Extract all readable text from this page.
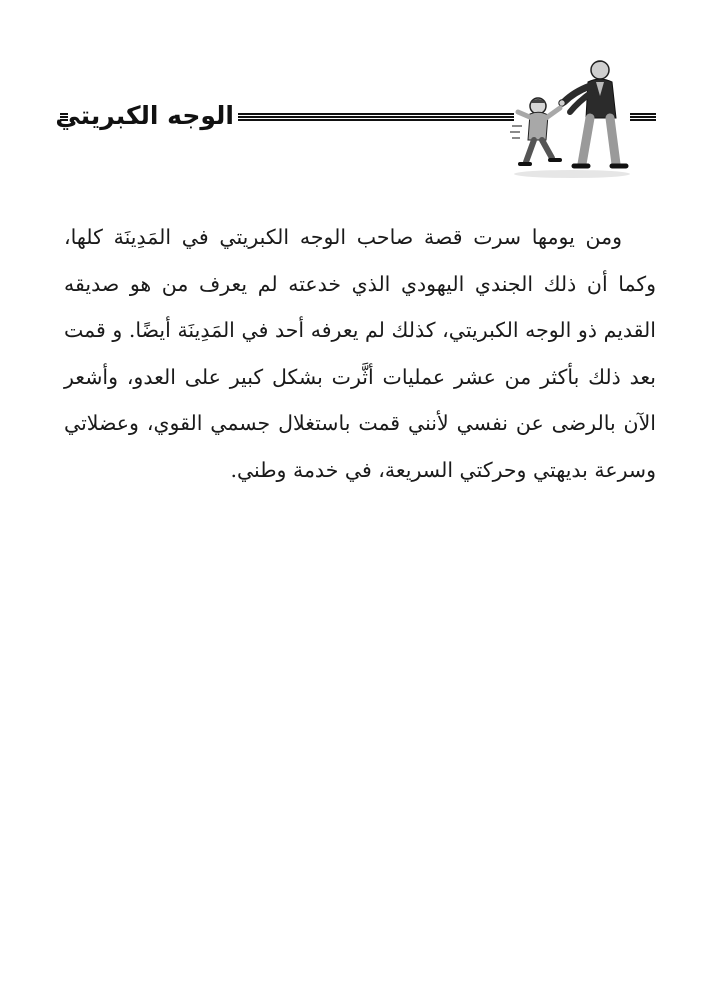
الوجه الكبريتي

ومن يومها سرت قصة صاحب الوجه الكبريتي في المَدِينَة كلها، وكما أن ذلك الجندي اليهودي الذي خدعته لم يعرف من هو صديقه القديم ذو الوجه الكبريتي، كذلك لم يعرفه أحد في المَدِينَة أيضًا. و قمت بعد ذلك بأكثر من عشر عمليات أثَّرت بشكل كبير على العدو، وأشعر الآن بالرضى عن نفسي لأنني قمت باستغلال جسمي القوي، وعضلاتي وسرعة بديهتي وحركتي السريعة، في خدمة وطني.
